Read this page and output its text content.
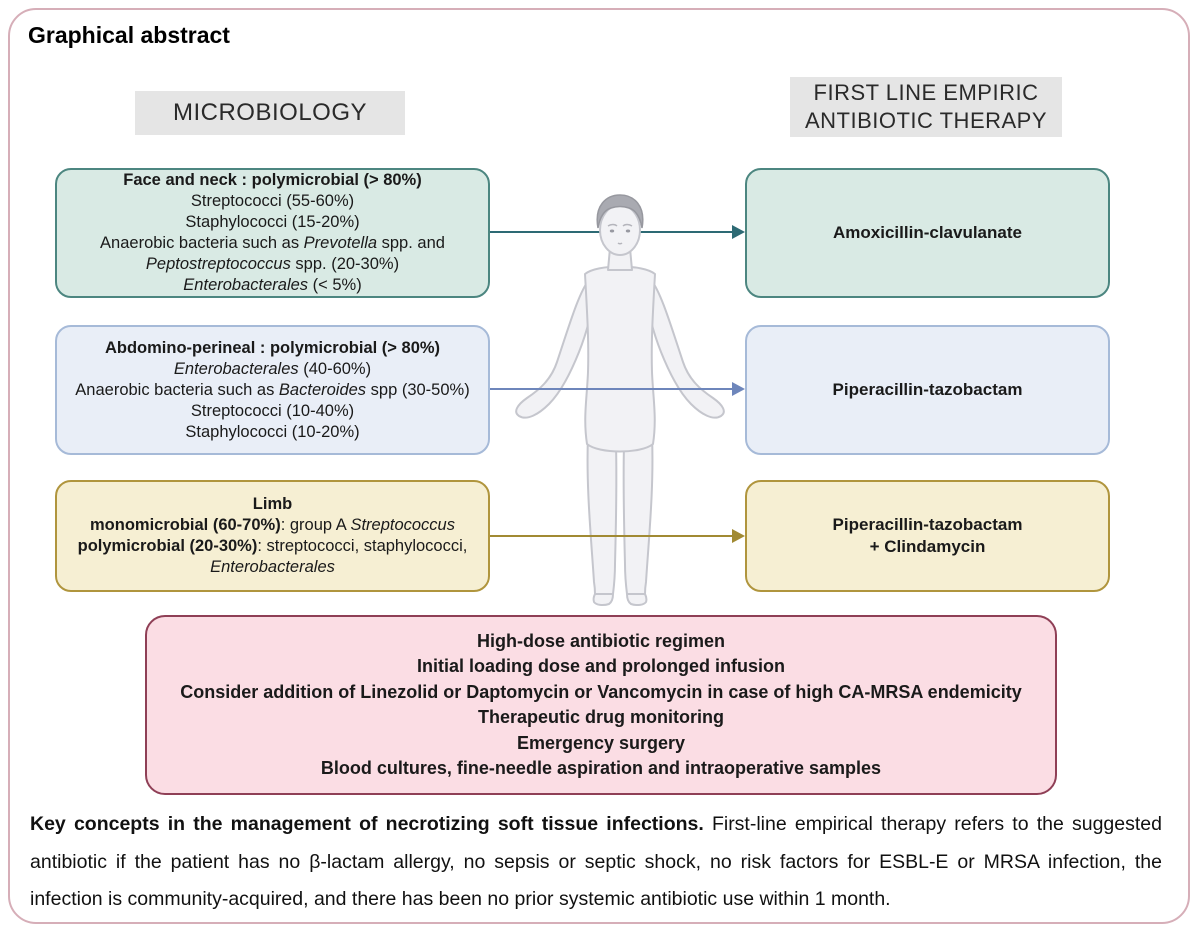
Graphical abstract
MICROBIOLOGY
FIRST LINE EMPIRIC
ANTIBIOTIC THERAPY
Face and neck : polymicrobial (> 80%)
Streptococci (55-60%)
Staphylococci (15-20%)
Anaerobic bacteria such as Prevotella spp. and
Peptostreptococcus spp. (20-30%)
Enterobacterales (< 5%)
Amoxicillin-clavulanate
Abdomino-perineal : polymicrobial (> 80%)
Enterobacterales (40-60%)
Anaerobic bacteria such as Bacteroides spp (30-50%)
Streptococci (10-40%)
Staphylococci (10-20%)
Piperacillin-tazobactam
Limb
monomicrobial (60-70%): group A Streptococcus
polymicrobial (20-30%): streptococci, staphylococci,
Enterobacterales
Piperacillin-tazobactam
+ Clindamycin
High-dose antibiotic regimen
Initial loading dose and prolonged infusion
Consider addition of Linezolid or Daptomycin or Vancomycin in case of high CA-MRSA endemicity
Therapeutic drug monitoring
Emergency surgery
Blood cultures, fine-needle aspiration and intraoperative samples

Key concepts in the management of necrotizing soft tissue infections. First-line empirical therapy refers to the suggested antibiotic if the patient has no β-lactam allergy, no sepsis or septic shock, no risk factors for ESBL-E or MRSA infection, the infection is community-acquired, and there has been no prior systemic antibiotic use within 1 month.
